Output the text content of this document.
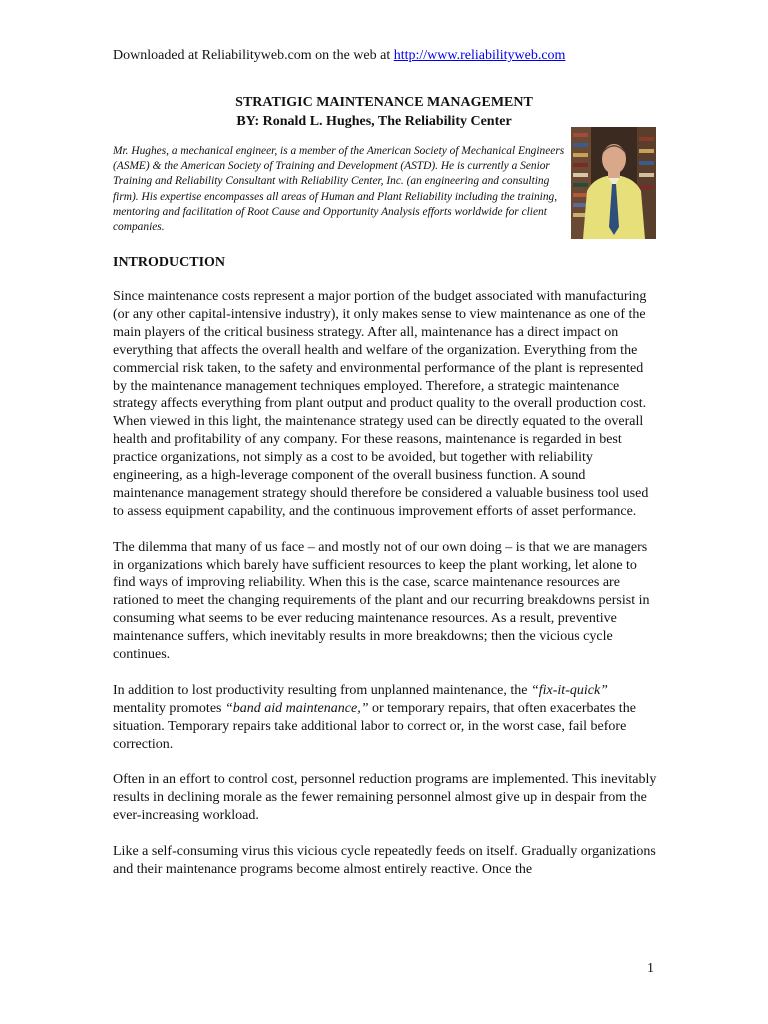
Downloaded at Reliabilityweb.com on the web at http://www.reliabilityweb.com
STRATIGIC MAINTENANCE MANAGEMENT
BY: Ronald L. Hughes, The Reliability Center
Mr. Hughes, a mechanical engineer, is a member of the American Society of Mechanical Engineers (ASME) & the American Society of Training and Development (ASTD). He is currently a Senior Training and Reliability Consultant with Reliability Center, Inc. (an engineering and consulting firm). His expertise encompasses all areas of Human and Plant Reliability including the training, mentoring and facilitation of Root Cause and Opportunity Analysis efforts worldwide for client companies.
INTRODUCTION

Since maintenance costs represent a major portion of the budget associated with manufacturing (or any other capital-intensive industry), it only makes sense to view maintenance as one of the main players of the critical business strategy. After all, maintenance has a direct impact on everything that affects the overall health and welfare of the organization. Everything from the commercial risk taken, to the safety and environmental performance of the plant is represented by the maintenance management techniques employed. Therefore, a strategic maintenance strategy affects everything from plant output and product quality to the overall production cost. When viewed in this light, the maintenance strategy used can be directly equated to the overall health and profitability of any company. For these reasons, maintenance is regarded in best practice organizations, not simply as a cost to be avoided, but together with reliability engineering, as a high-leverage component of the overall business function. A sound maintenance management strategy should therefore be considered a valuable business tool used to assess equipment capability, and the continuous improvement efforts of asset performance.

The dilemma that many of us face – and mostly not of our own doing – is that we are managers in organizations which barely have sufficient resources to keep the plant working, let alone to find ways of improving reliability. When this is the case, scarce maintenance resources are rationed to meet the changing requirements of the plant and our recurring breakdowns persist in consuming what seems to be ever reducing maintenance resources. As a result, preventive maintenance suffers, which inevitably results in more breakdowns; then the vicious cycle continues.

In addition to lost productivity resulting from unplanned maintenance, the “fix-it-quick” mentality promotes “band aid maintenance,” or temporary repairs, that often exacerbates the situation. Temporary repairs take additional labor to correct or, in the worst case, fail before correction.

Often in an effort to control cost, personnel reduction programs are implemented. This inevitably results in declining morale as the fewer remaining personnel almost give up in despair from the ever-increasing workload.

Like a self-consuming virus this vicious cycle repeatedly feeds on itself. Gradually organizations and their maintenance programs become almost entirely reactive. Once the

1
